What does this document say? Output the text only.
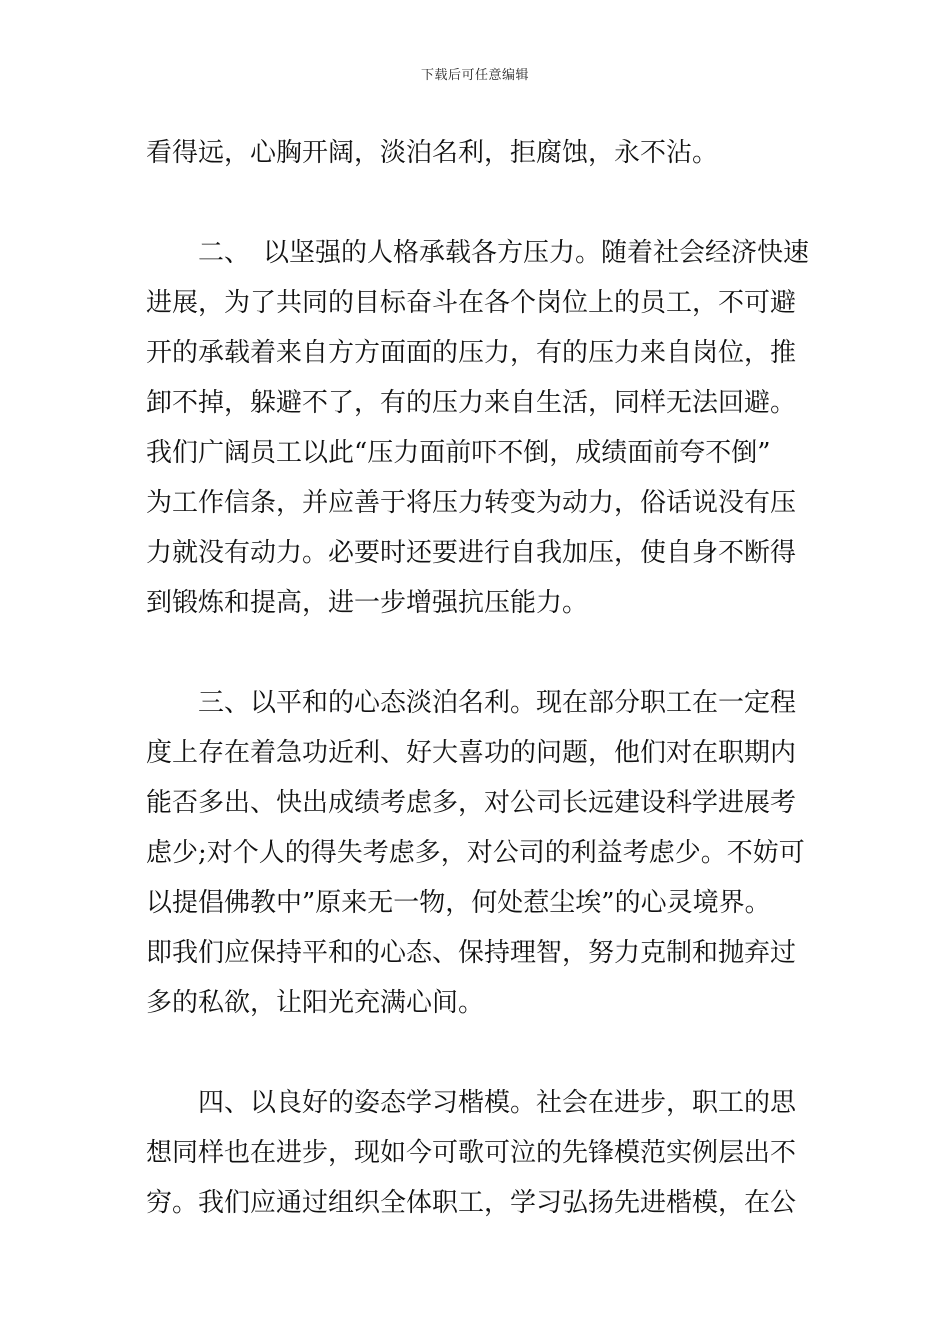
下载后可任意编辑
看得远，心胸开阔，淡泊名利，拒腐蚀，永不沾。
　　二、　以坚强的人格承载各方压力。随着社会经济快速
进展，为了共同的目标奋斗在各个岗位上的员工，不可避
开的承载着来自方方面面的压力，有的压力来自岗位，推
卸不掉，躲避不了，有的压力来自生活，同样无法回避。
我们广阔员工以此“压力面前吓不倒，成绩面前夸不倒”
为工作信条，并应善于将压力转变为动力，俗话说没有压
力就没有动力。必要时还要进行自我加压，使自身不断得
到锻炼和提高，进一步增强抗压能力。
　　三、以平和的心态淡泊名利。现在部分职工在一定程
度上存在着急功近利、好大喜功的问题，他们对在职期内
能否多出、快出成绩考虑多，对公司长远建设科学进展考
虑少;对个人的得失考虑多，对公司的利益考虑少。不妨可
以提倡佛教中”原来无一物，何处惹尘埃”的心灵境界。
即我们应保持平和的心态、保持理智，努力克制和抛弃过
多的私欲，让阳光充满心间。
　　四、以良好的姿态学习楷模。社会在进步，职工的思
想同样也在进步，现如今可歌可泣的先锋模范实例层出不
穷。我们应通过组织全体职工，学习弘扬先进楷模，在公
